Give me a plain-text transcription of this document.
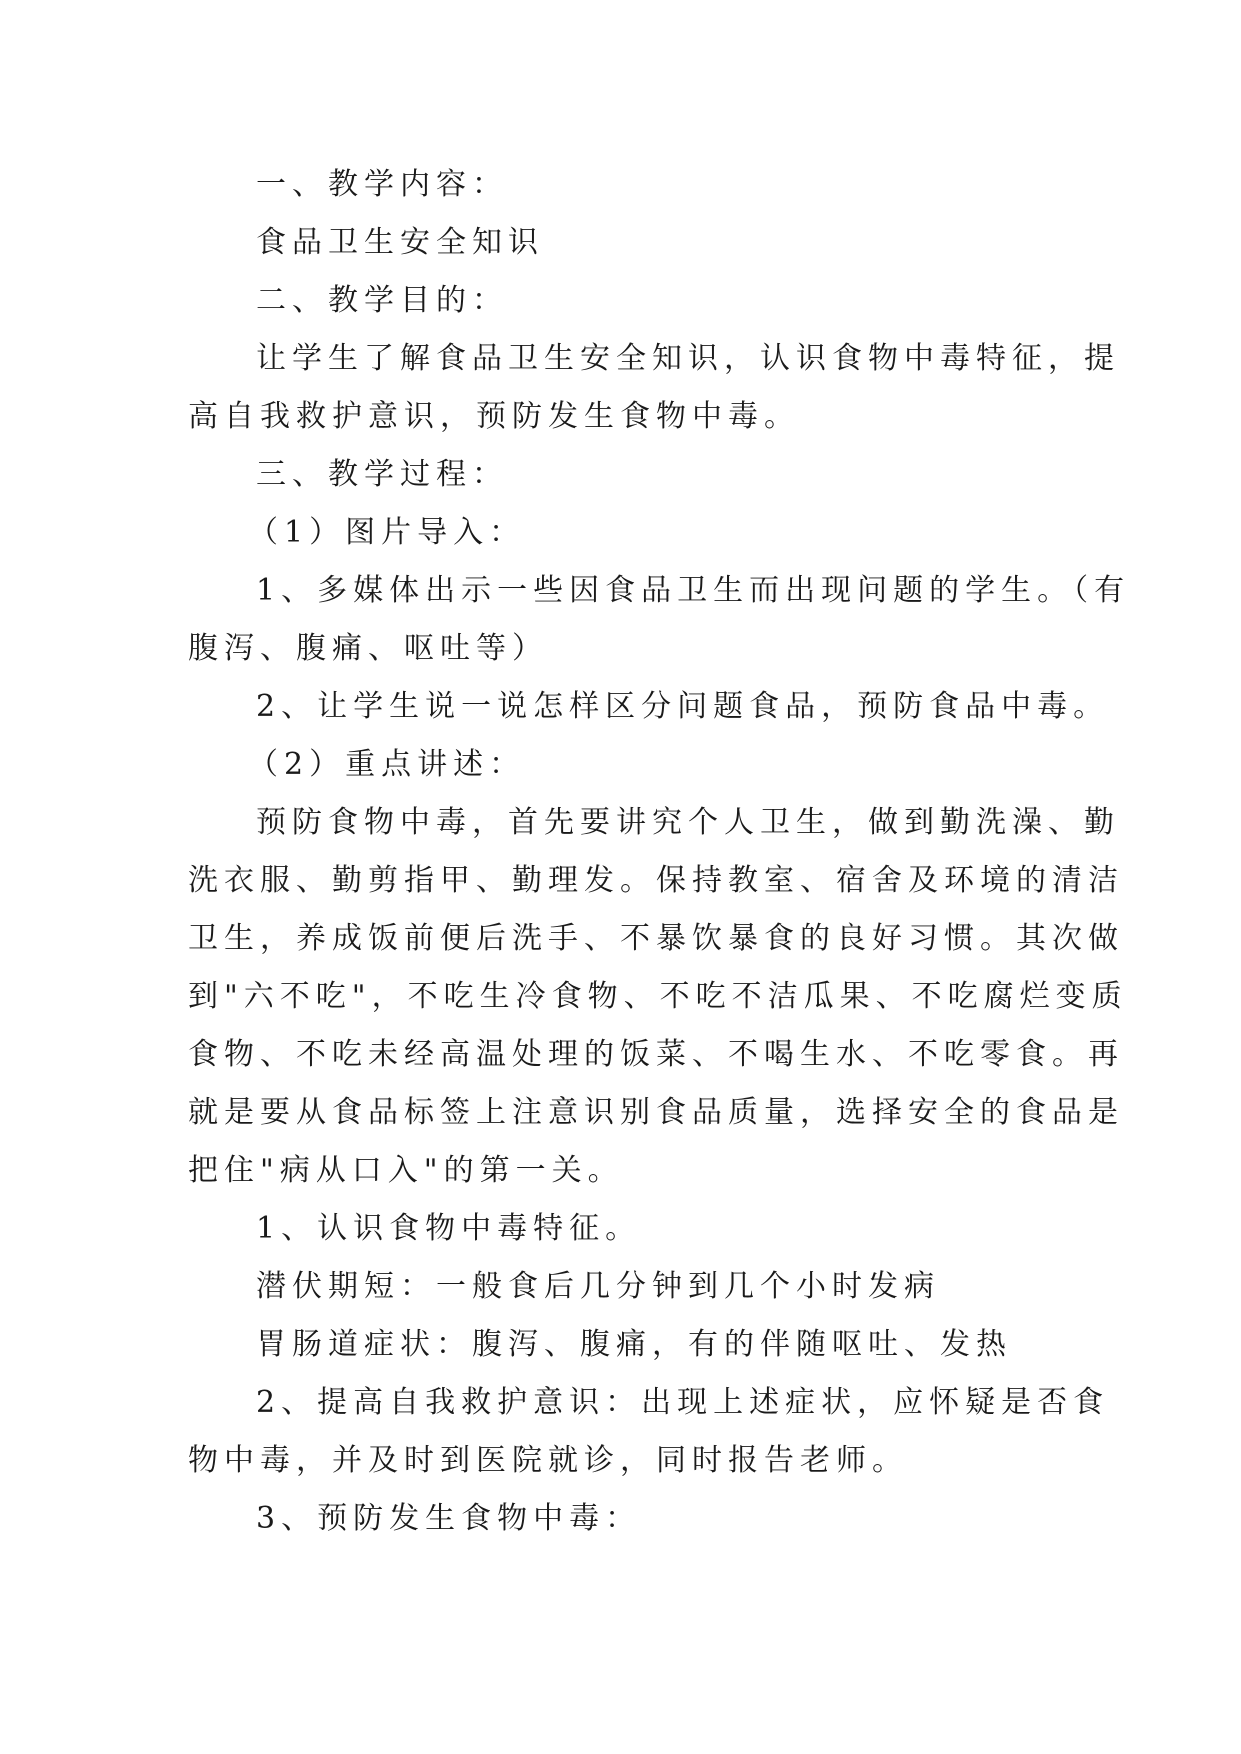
一、教学内容：
食品卫生安全知识
二、教学目的：
让学生了解食品卫生安全知识，认识食物中毒特征，提
高自我救护意识，预防发生食物中毒。
三、教学过程：
（1）图片导入：
1、多媒体出示一些因食品卫生而出现问题的学生。（有
腹泻、腹痛、呕吐等）
2、让学生说一说怎样区分问题食品，预防食品中毒。
（2）重点讲述：
预防食物中毒，首先要讲究个人卫生，做到勤洗澡、勤
洗衣服、勤剪指甲、勤理发。保持教室、宿舍及环境的清洁
卫生，养成饭前便后洗手、不暴饮暴食的良好习惯。其次做
到"六不吃"，不吃生冷食物、不吃不洁瓜果、不吃腐烂变质
食物、不吃未经高温处理的饭菜、不喝生水、不吃零食。再
就是要从食品标签上注意识别食品质量，选择安全的食品是
把住"病从口入"的第一关。
1、认识食物中毒特征。
潜伏期短：一般食后几分钟到几个小时发病
胃肠道症状：腹泻、腹痛，有的伴随呕吐、发热
2、提高自我救护意识：出现上述症状，应怀疑是否食
物中毒，并及时到医院就诊，同时报告老师。
3、预防发生食物中毒：
